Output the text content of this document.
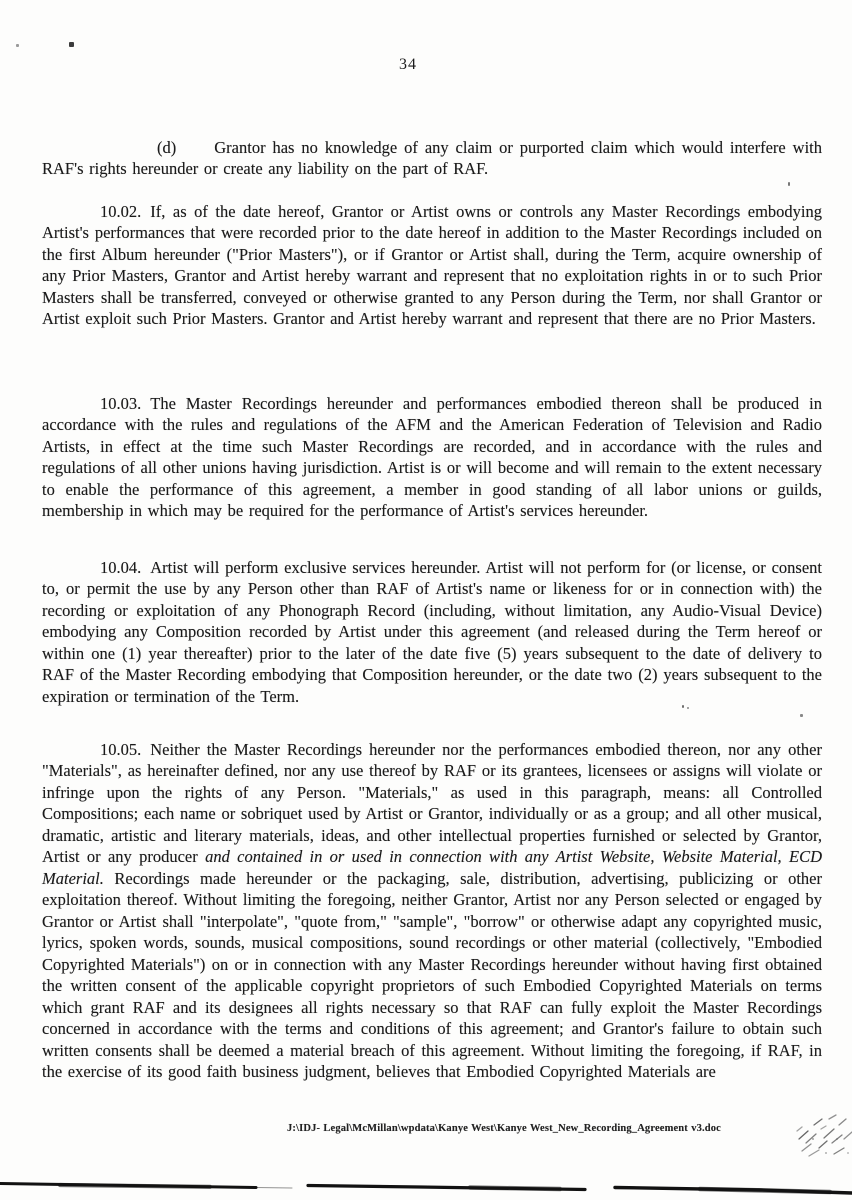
34

(d) Grantor has no knowledge of any claim or purported claim which would interfere with RAF's rights hereunder or create any liability on the part of RAF.

10.02. If, as of the date hereof, Grantor or Artist owns or controls any Master Recordings embodying Artist's performances that were recorded prior to the date hereof in addition to the Master Recordings included on the first Album hereunder ("Prior Masters"), or if Grantor or Artist shall, during the Term, acquire ownership of any Prior Masters, Grantor and Artist hereby warrant and represent that no exploitation rights in or to such Prior Masters shall be transferred, conveyed or otherwise granted to any Person during the Term, nor shall Grantor or Artist exploit such Prior Masters. Grantor and Artist hereby warrant and represent that there are no Prior Masters.

10.03. The Master Recordings hereunder and performances embodied thereon shall be produced in accordance with the rules and regulations of the AFM and the American Federation of Television and Radio Artists, in effect at the time such Master Recordings are recorded, and in accordance with the rules and regulations of all other unions having jurisdiction. Artist is or will become and will remain to the extent necessary to enable the performance of this agreement, a member in good standing of all labor unions or guilds, membership in which may be required for the performance of Artist's services hereunder.

10.04. Artist will perform exclusive services hereunder. Artist will not perform for (or license, or consent to, or permit the use by any Person other than RAF of Artist's name or likeness for or in connection with) the recording or exploitation of any Phonograph Record (including, without limitation, any Audio-Visual Device) embodying any Composition recorded by Artist under this agreement (and released during the Term hereof or within one (1) year thereafter) prior to the later of the date five (5) years subsequent to the date of delivery to RAF of the Master Recording embodying that Composition hereunder, or the date two (2) years subsequent to the expiration or termination of the Term.

10.05. Neither the Master Recordings hereunder nor the performances embodied thereon, nor any other "Materials", as hereinafter defined, nor any use thereof by RAF or its grantees, licensees or assigns will violate or infringe upon the rights of any Person. "Materials," as used in this paragraph, means: all Controlled Compositions; each name or sobriquet used by Artist or Grantor, individually or as a group; and all other musical, dramatic, artistic and literary materials, ideas, and other intellectual properties furnished or selected by Grantor, Artist or any producer and contained in or used in connection with any Artist Website, Website Material, ECD Material. Recordings made hereunder or the packaging, sale, distribution, advertising, publicizing or other exploitation thereof. Without limiting the foregoing, neither Grantor, Artist nor any Person selected or engaged by Grantor or Artist shall "interpolate", "quote from," "sample", "borrow" or otherwise adapt any copyrighted music, lyrics, spoken words, sounds, musical compositions, sound recordings or other material (collectively, "Embodied Copyrighted Materials") on or in connection with any Master Recordings hereunder without having first obtained the written consent of the applicable copyright proprietors of such Embodied Copyrighted Materials on terms which grant RAF and its designees all rights necessary so that RAF can fully exploit the Master Recordings concerned in accordance with the terms and conditions of this agreement; and Grantor's failure to obtain such written consents shall be deemed a material breach of this agreement. Without limiting the foregoing, if RAF, in the exercise of its good faith business judgment, believes that Embodied Copyrighted Materials are

J:\IDJ- Legal\McMillan\wpdata\Kanye West\Kanye West_New_Recording_Agreement v3.doc
